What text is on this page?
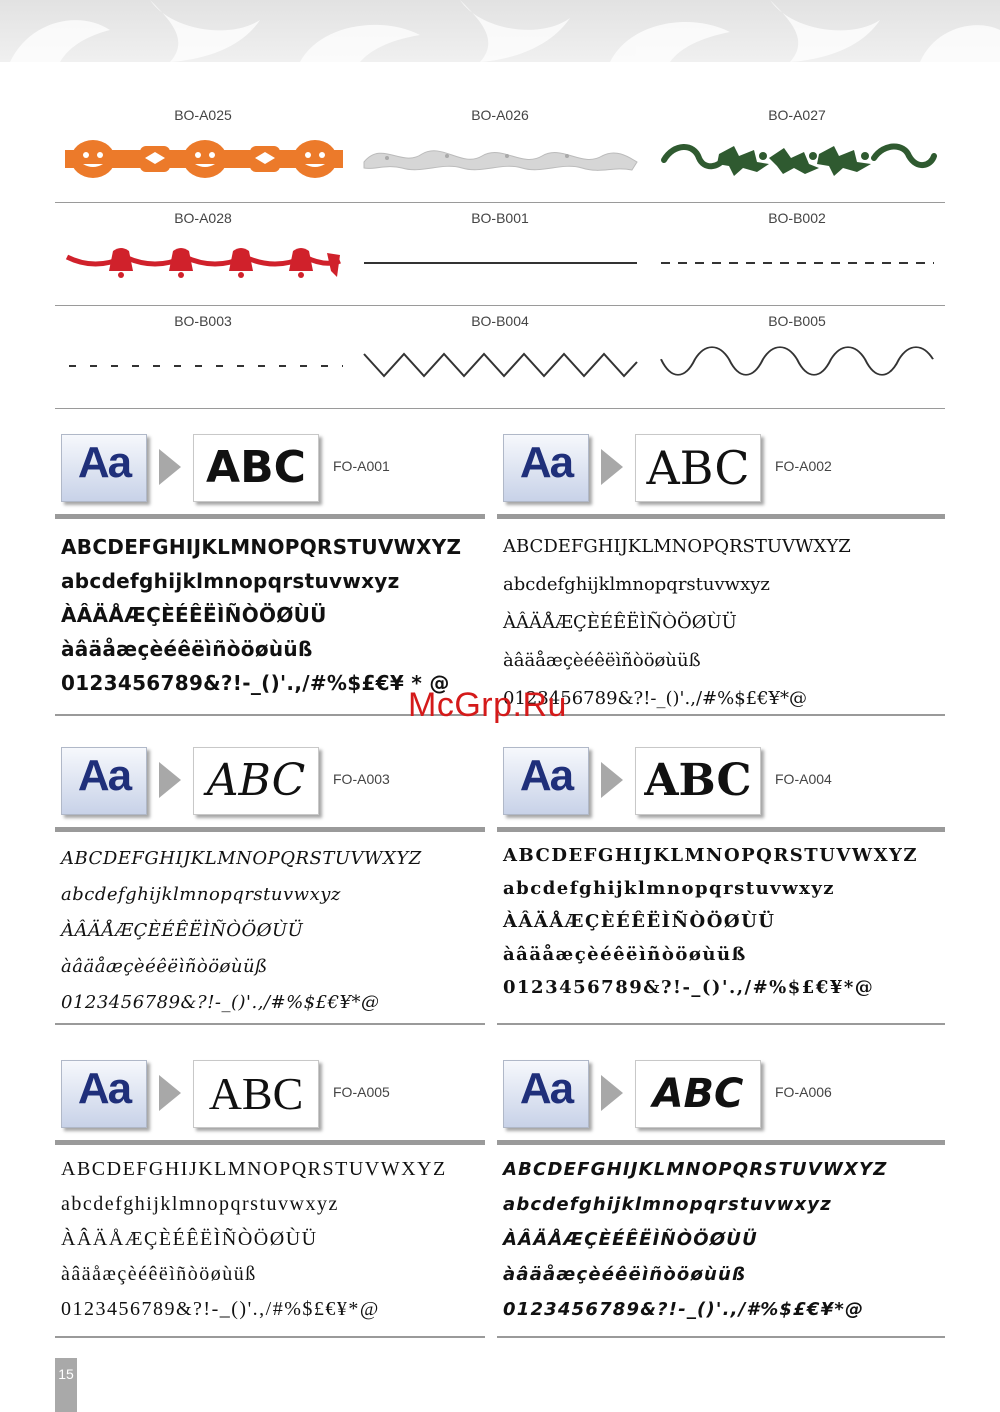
BO-A025	BO-A026	BO-A027
BO-A028	BO-B001	BO-B002
BO-B003	BO-B004	BO-B005
Aa	ABC	FO-A001
ABCDEFGHIJKLMNOPQRSTUVWXYZ
abcdefghijklmnopqrstuvwxyz
ÀÂÄÅÆÇÈÉÊËÌÑÒÖØÙÜ
àâäåæçèéêëìñòöøùüß
0123456789&?!-_()'.,/#%$£€¥ * @
Aa	ABC	FO-A002
ABCDEFGHIJKLMNOPQRSTUVWXYZ
abcdefghijklmnopqrstuvwxyz
ÀÂÄÅÆÇÈÉÊËÌÑÒÖØÙÜ
àâäåæçèéêëìñòöøùüß
0123456789&?!-_()'.,/#%$£€¥*@
Aa	ABC	FO-A003
ABCDEFGHIJKLMNOPQRSTUVWXYZ
abcdefghijklmnopqrstuvwxyz
ÀÂÄÅÆÇÈÉÊËÌÑÒÖØÙÜ
àâäåæçèéêëìñòöøùüß
0123456789&?!-_()'.,/#%$£€¥*@
Aa	ABC	FO-A004
ABCDEFGHIJKLMNOPQRSTUVWXYZ
abcdefghijklmnopqrstuvwxyz
ÀÂÄÅÆÇÈÉÊËÌÑÒÖØÙÜ
àâäåæçèéêëìñòöøùüß
0123456789&?!-_()'.,/#%$£€¥*@
Aa	ABC	FO-A005
ABCDEFGHIJKLMNOPQRSTUVWXYZ
abcdefghijklmnopqrstuvwxyz
ÀÂÄÅÆÇÈÉÊËÌÑÒÖØÙÜ
àâäåæçèéêëìñòöøùüß
0123456789&?!-_()'.,/#%$£€¥*@
Aa	ABC	FO-A006
ABCDEFGHIJKLMNOPQRSTUVWXYZ
abcdefghijklmnopqrstuvwxyz
ÀÂÄÅÆÇÈÉÊËÌÑÒÖØÙÜ
àâäåæçèéêëìñòöøùüß
0123456789&?!-_()'.,/#%$£€¥*@
McGrp.Ru
15
